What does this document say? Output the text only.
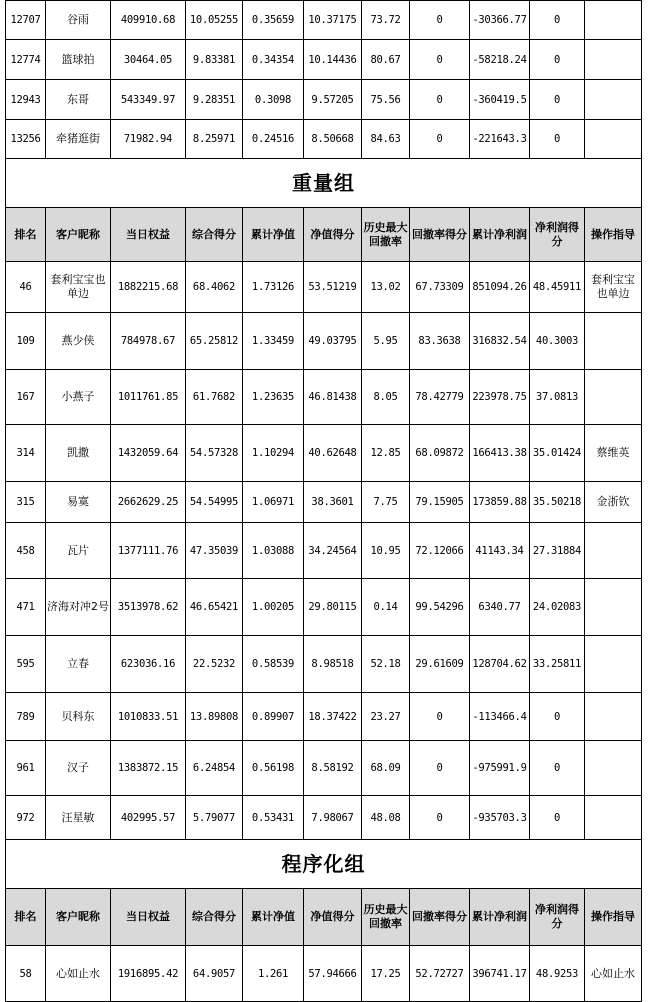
12707	谷雨	409910.68	10.05255	0.35659	10.37175	73.72	0	-30366.77	0	
12774	篮球拍	30464.05	9.83381	0.34354	10.14436	80.67	0	-58218.24	0	
12943	东哥	543349.97	9.28351	0.3098	9.57205	75.56	0	-360419.5	0	
13256	牵猪逛街	71982.94	8.25971	0.24516	8.50668	84.63	0	-221643.3	0	
重量组										
排名	客户昵称	当日权益	综合得分	累计净值	净值得分	历史最大回撤率	回撤率得分	累计净利润	净利润得分	操作指导
46	套利宝宝也单边	1882215.68	68.4062	1.73126	53.51219	13.02	67.73309	851094.26	48.45911	套利宝宝也单边
109	燕少侠	784978.67	65.25812	1.33459	49.03795	5.95	83.3638	316832.54	40.3003	
167	小燕子	1011761.85	61.7682	1.23635	46.81438	8.05	78.42779	223978.75	37.0813	
314	凯撒	1432059.64	54.57328	1.10294	40.62648	12.85	68.09872	166413.38	35.01424	蔡维英
315	易寞	2662629.25	54.54995	1.06971	38.3601	7.75	79.15905	173859.88	35.50218	金浙钦
458	瓦片	1377111.76	47.35039	1.03088	34.24564	10.95	72.12066	41143.34	27.31884	
471	济海对冲2号	3513978.62	46.65421	1.00205	29.80115	0.14	99.54296	6340.77	24.02083	
595	立春	623036.16	22.5232	0.58539	8.98518	52.18	29.61609	128704.62	33.25811	
789	贝科东	1010833.51	13.89808	0.89907	18.37422	23.27	0	-113466.4	0	
961	汉子	1383872.15	6.24854	0.56198	8.58192	68.09	0	-975991.9	0	
972	汪星敏	402995.57	5.79077	0.53431	7.98067	48.08	0	-935703.3	0	
程序化组										
排名	客户昵称	当日权益	综合得分	累计净值	净值得分	历史最大回撤率	回撤率得分	累计净利润	净利润得分	操作指导
58	心如止水	1916895.42	64.9057	1.261	57.94666	17.25	52.72727	396741.17	48.9253	心如止水
